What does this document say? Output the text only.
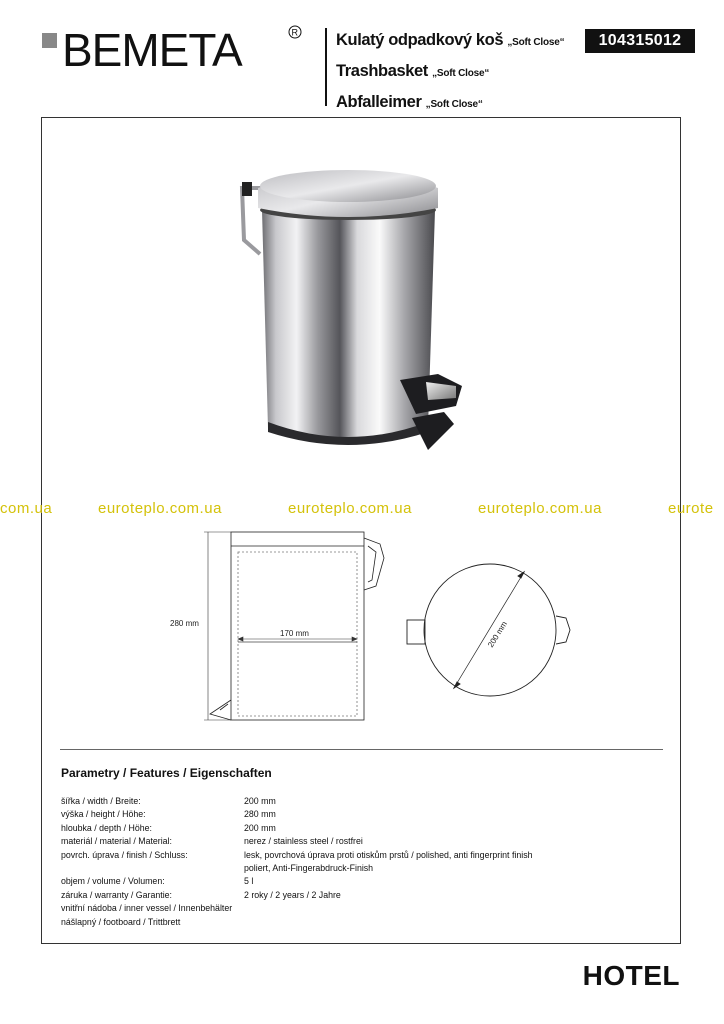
BEMETA	R Kulatý odpadkový koš „Soft Close“
Trashbasket „Soft Close“
Abfalleimer „Soft Close“
104315012
com.ua	euroteplo.com.ua	euroteplo.com.ua	euroteplo.com.ua	eurote
280 mm
170 mm	200 mm
Parametry / Features / Eigenschaften
šířka / width / Breite:	200 mm
výška / height / Höhe:	280 mm
hloubka / depth / Höhe:	200 mm
materiál / material / Material:	nerez / stainless steel / rostfrei
povrch. úprava / finish / Schluss:	lesk, povrchová úprava proti otiskům prstů / polished, anti fingerprint finish
poliert, Anti-Fingerabdruck-Finish
objem / volume / Volumen:	5 l
záruka / warranty / Garantie:	2 roky / 2 years / 2 Jahre
vnitřní nádoba / inner vessel / Innenbehälter
nášlapný / footboard / Trittbrett
HOTEL
